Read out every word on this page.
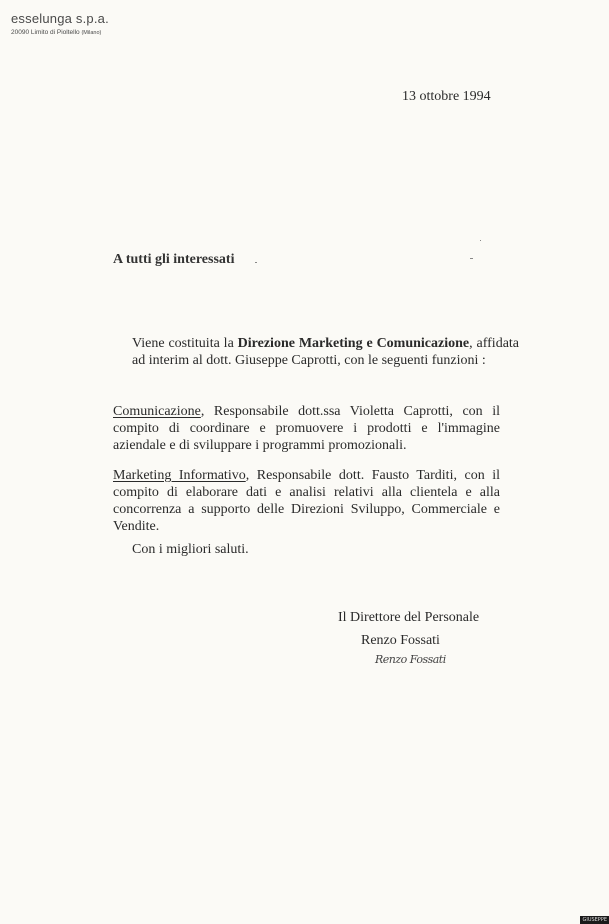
esselunga s.p.a.
20090 Limito di Pioltello (Milano)
13 ottobre 1994
A tutti gli interessati
Viene costituita la Direzione Marketing e Comunicazione, affidata ad interim al dott. Giuseppe Caprotti, con le seguenti funzioni :
Comunicazione, Responsabile dott.ssa Violetta Caprotti, con il compito di coordinare e promuovere i prodotti e l'immagine aziendale e di sviluppare i programmi promozionali.
Marketing Informativo, Responsabile dott. Fausto Tarditi, con il compito di elaborare dati e analisi relativi alla clientela e alla concorrenza a supporto delle Direzioni Sviluppo, Commerciale e Vendite.
Con i migliori saluti.
Il Direttore del Personale
Renzo Fossati
Renzo Fossati
GIUSEPPE
